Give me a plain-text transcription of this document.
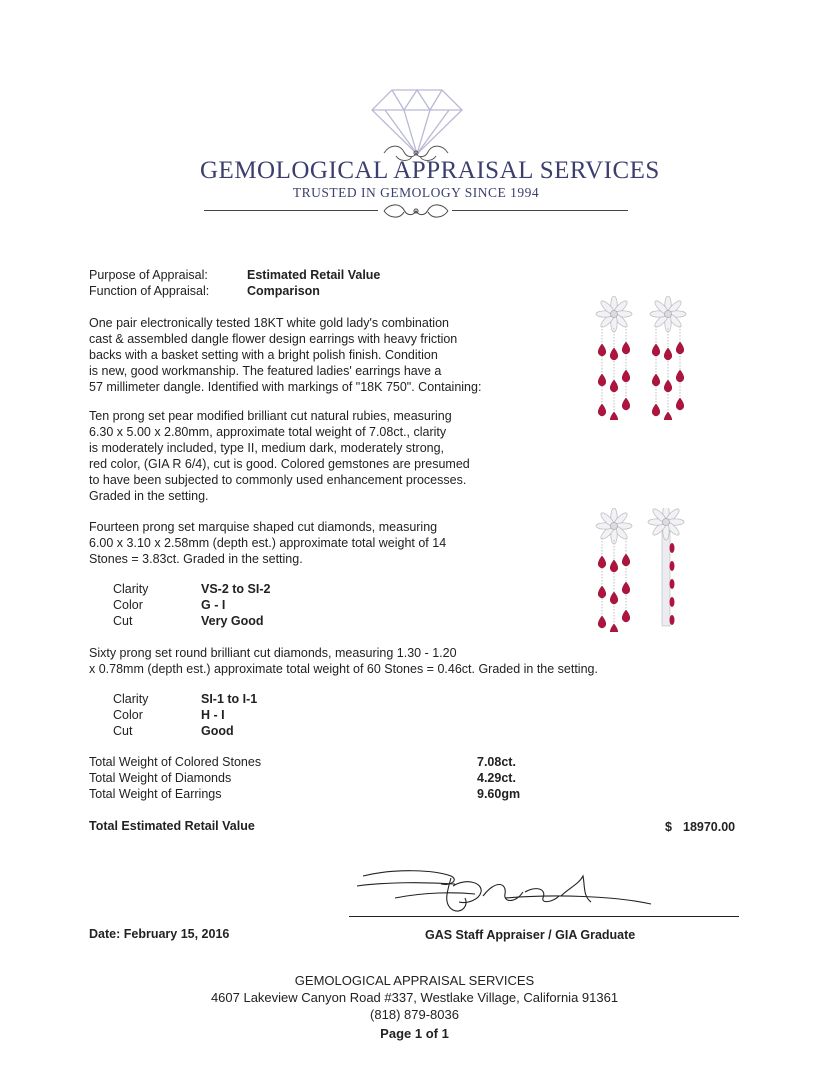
GEMOLOGICAL APPRAISAL SERVICES
TRUSTED IN GEMOLOGY SINCE 1994
Purpose of Appraisal:	Estimated Retail Value
Function of Appraisal:	Comparison
One pair electronically tested 18KT white gold lady's combination
cast & assembled dangle flower design earrings with heavy friction
backs with a basket setting with a bright polish finish. Condition
is new, good workmanship. The featured ladies' earrings have a
57 millimeter dangle. Identified with markings of "18K 750". Containing:
Ten prong set pear modified brilliant cut natural rubies, measuring
6.30 x 5.00 x 2.80mm, approximate total weight of 7.08ct., clarity
is moderately included, type II, medium dark, moderately strong,
red color, (GIA R 6/4), cut is good. Colored gemstones are presumed
to have been subjected to commonly used enhancement processes.
Graded in the setting.
Fourteen prong set marquise shaped cut diamonds, measuring
6.00 x 3.10 x 2.58mm (depth est.) approximate total weight of 14
Stones = 3.83ct. Graded in the setting.
Clarity	VS-2 to SI-2
Color	G - I
Cut	Very Good
Sixty prong set round brilliant cut diamonds, measuring 1.30 - 1.20
x 0.78mm (depth est.) approximate total weight of 60 Stones = 0.46ct. Graded in the setting.
Clarity	SI-1 to I-1
Color	H - I
Cut	Good
Total Weight of Colored Stones	7.08ct.
Total Weight of Diamonds	4.29ct.
Total Weight of Earrings	9.60gm
Total Estimated Retail Value	$ 18970.00
Date: February 15, 2016	GAS Staff Appraiser / GIA Graduate
GEMOLOGICAL APPRAISAL SERVICES
4607 Lakeview Canyon Road #337, Westlake Village, California 91361
(818) 879-8036
Page 1 of 1
